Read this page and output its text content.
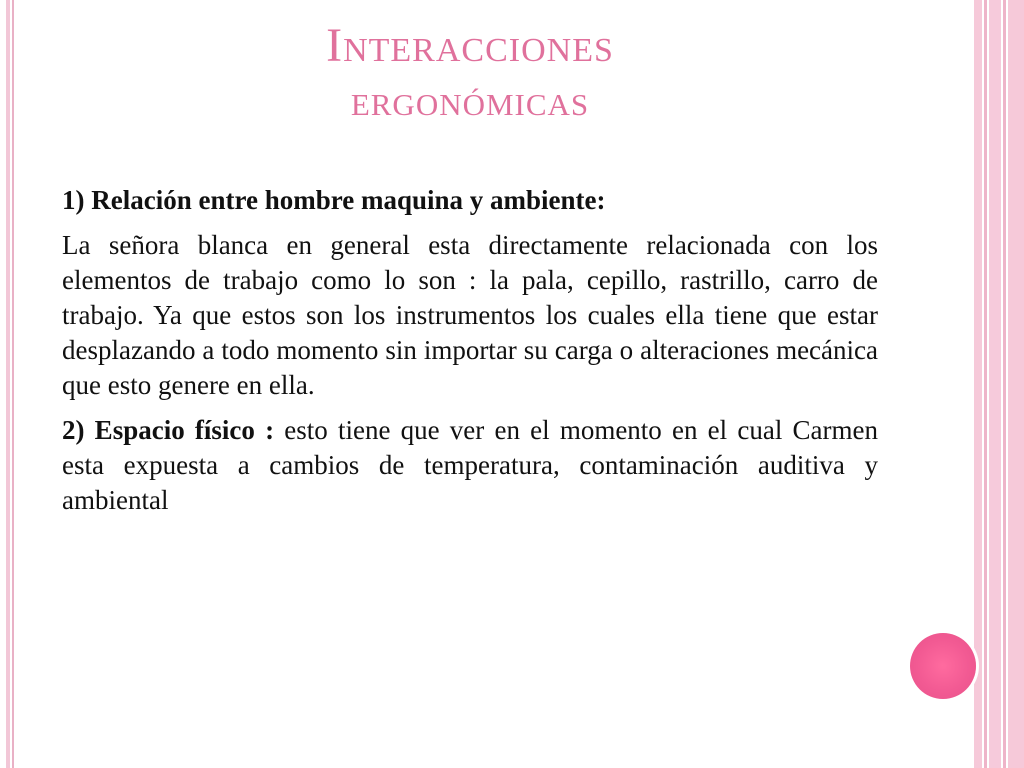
Interacciones
ergonómicas

1) Relación entre hombre maquina y ambiente:

La señora blanca en general esta directamente relacionada con los elementos de trabajo como lo son : la pala, cepillo, rastrillo, carro de trabajo. Ya que estos son los instrumentos los cuales ella tiene que estar desplazando a todo momento sin importar su carga o alteraciones mecánica que esto genere en ella.

2) Espacio físico : esto tiene que ver en el momento en el cual Carmen esta expuesta a cambios de temperatura, contaminación auditiva y ambiental
